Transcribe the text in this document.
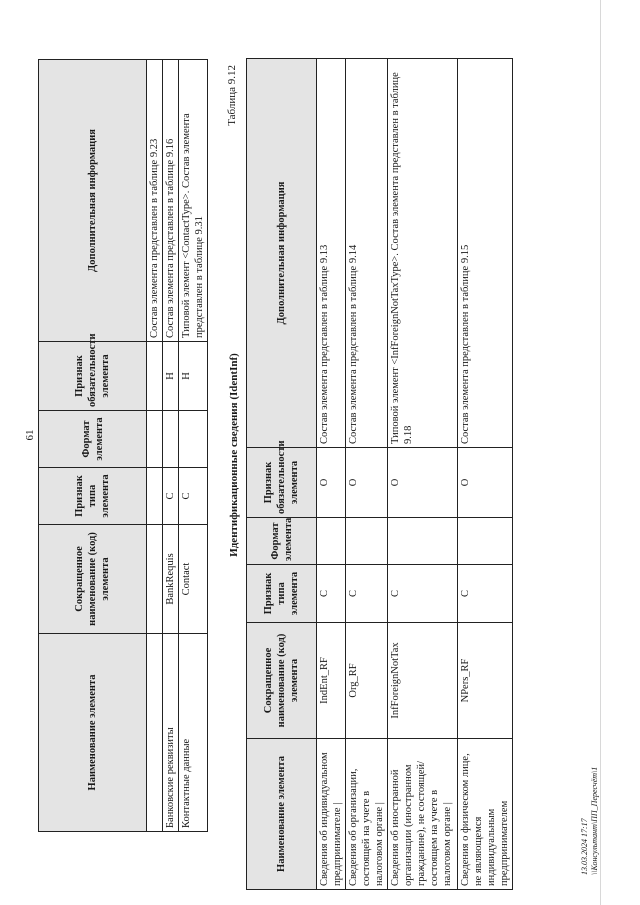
61
Наименование элемента	Сокращенное наименование (код) элемента	Признак типа элемента	Формат элемента	Признак обязательности элемента	Дополнительная информация
					Состав элемента представлен в таблице 9.23
Банковские реквизиты	BankRequis	С		Н	Состав элемента представлен в таблице 9.16
Контактные данные	Contact	С		Н	Типовой элемент <ContactType>. Состав элемента представлен в таблице 9.31
Идентификационные сведения (IdentInf)
Таблица 9.12
Наименование элемента	Сокращенное наименование (код) элемента	Признак типа элемента	Формат элемента	Признак обязательности элемента	Дополнительная информация
Сведения об индивидуальном предпринимателе |	IndEnt_RF	С		О	Состав элемента представлен в таблице 9.13
Сведения об организации, состоящей на учете в налоговом органе |	Org_RF	С		О	Состав элемента представлен в таблице 9.14
Сведения об иностранной организации (иностранном гражданине), не состоящей/состоящем на учете в налоговом органе |	InfForeignNotTax	С		О	Типовой элемент <InfForeignNotTaxType>. Состав элемента представлен в таблице 9.18
Сведения о физическом лице, не являющемся индивидуальным предпринимателем	NPers_RF	С		О	Состав элемента представлен в таблице 9.15
13.03.2024 17:17 \\Консультант\ПП_Пересчёт\1
